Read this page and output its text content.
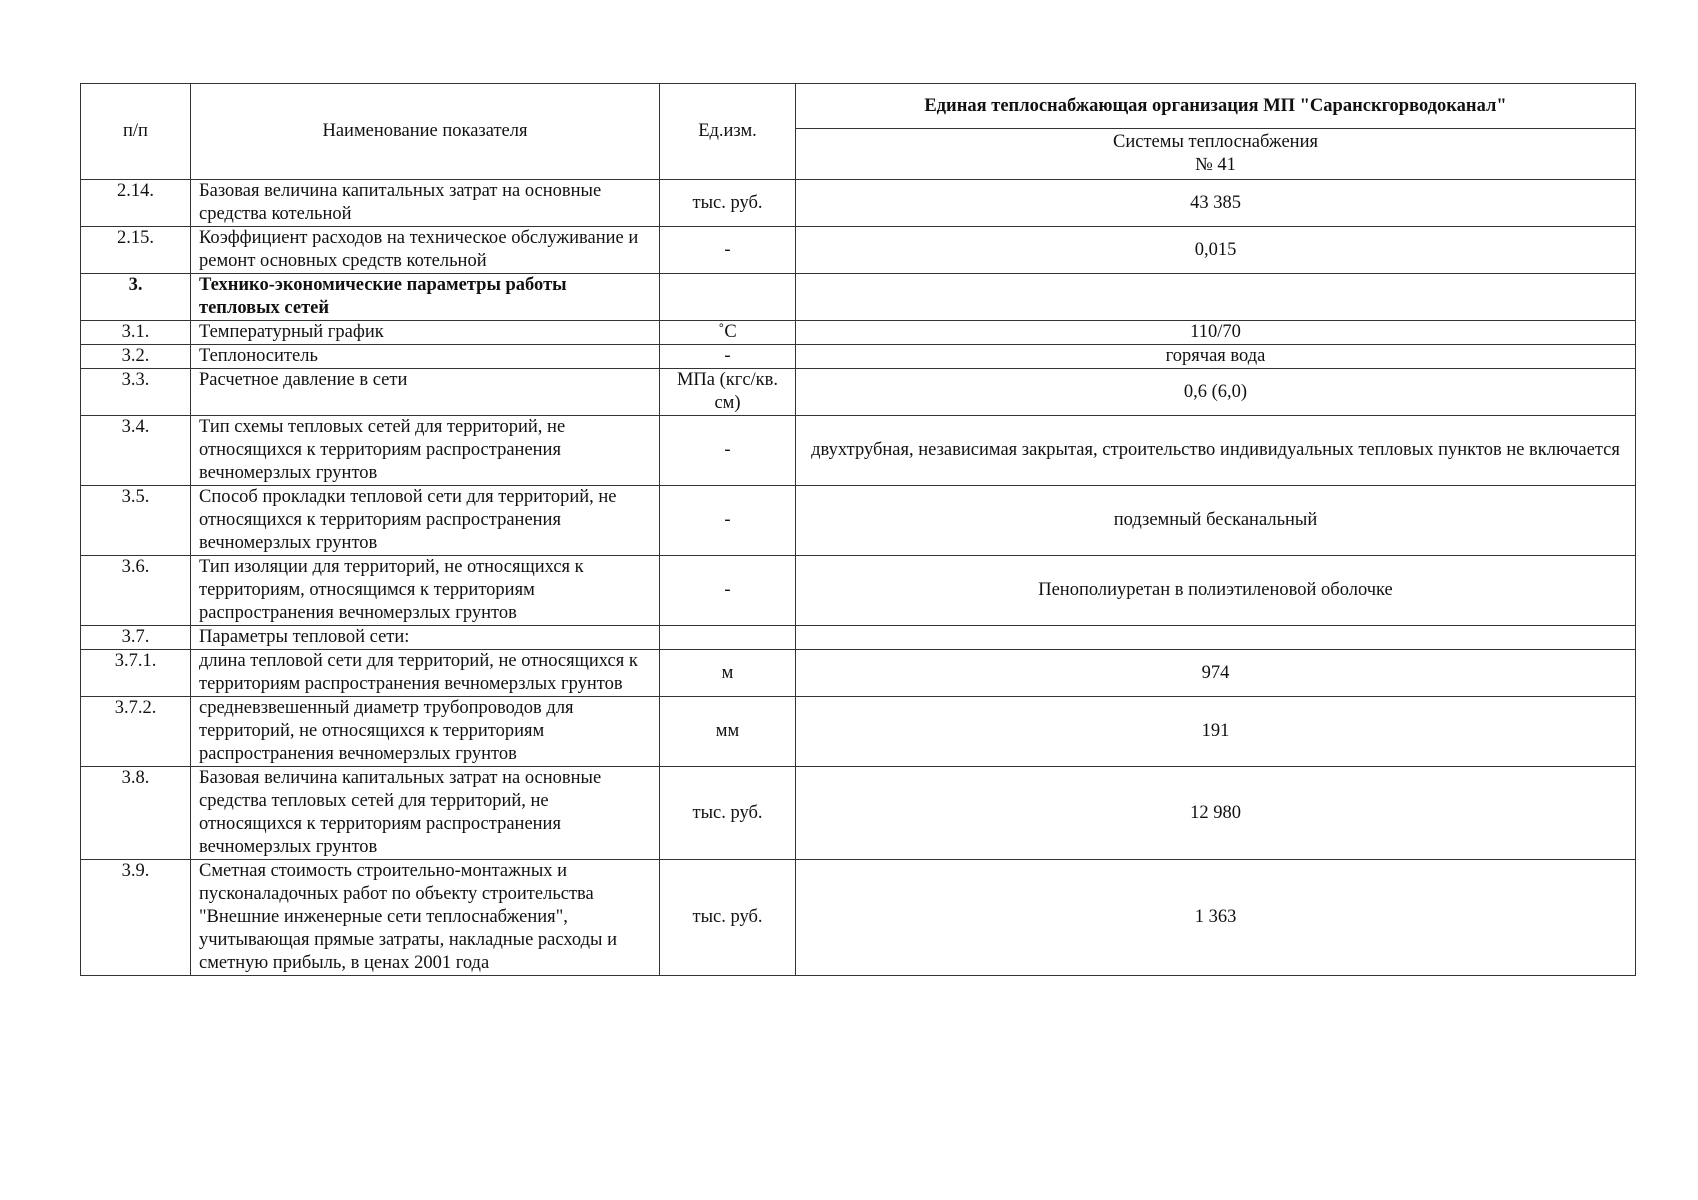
п/п	Наименование показателя	Ед.изм.	Единая теплоснабжающая организация МП "Саранскгорводоканал"

			Системы теплоснабжения
№ 41

2.14.	Базовая величина капитальных затрат на основные средства котельной	тыс. руб.	43 385
2.15.	Коэффициент расходов на техническое обслуживание и ремонт основных средств котельной	-	0,015
3.	Технико-экономические параметры работы тепловых сетей		
3.1.	Температурный график	˚С	110/70
3.2.	Теплоноситель	-	горячая вода
3.3.	Расчетное давление в сети	МПа (кгс/кв. см)	0,6 (6,0)
3.4.	Тип схемы тепловых сетей для территорий, не относящихся к территориям распространения вечномерзлых грунтов	-	двухтрубная, независимая закрытая, строительство индивидуальных тепловых пунктов не включается
3.5.	Способ прокладки тепловой сети для территорий, не относящихся к территориям распространения вечномерзлых грунтов	-	подземный бесканальный
3.6.	Тип изоляции для территорий, не относящихся к территориям, относящимся к территориям распространения вечномерзлых грунтов	-	Пенополиуретан в полиэтиленовой оболочке
3.7.	Параметры тепловой сети:		
3.7.1.	длина тепловой сети для территорий, не относящихся к территориям распространения вечномерзлых грунтов	м	974
3.7.2.	средневзвешенный диаметр трубопроводов для территорий, не относящихся к территориям распространения вечномерзлых грунтов	мм	191
3.8.	Базовая величина капитальных затрат на основные средства тепловых сетей для территорий, не относящихся к территориям распространения вечномерзлых грунтов	тыс. руб.	12 980
3.9.	Сметная стоимость строительно-монтажных и пусконаладочных работ по объекту строительства "Внешние инженерные сети теплоснабжения", учитывающая прямые затраты, накладные расходы и сметную прибыль, в ценах 2001 года	тыс. руб.	1 363
